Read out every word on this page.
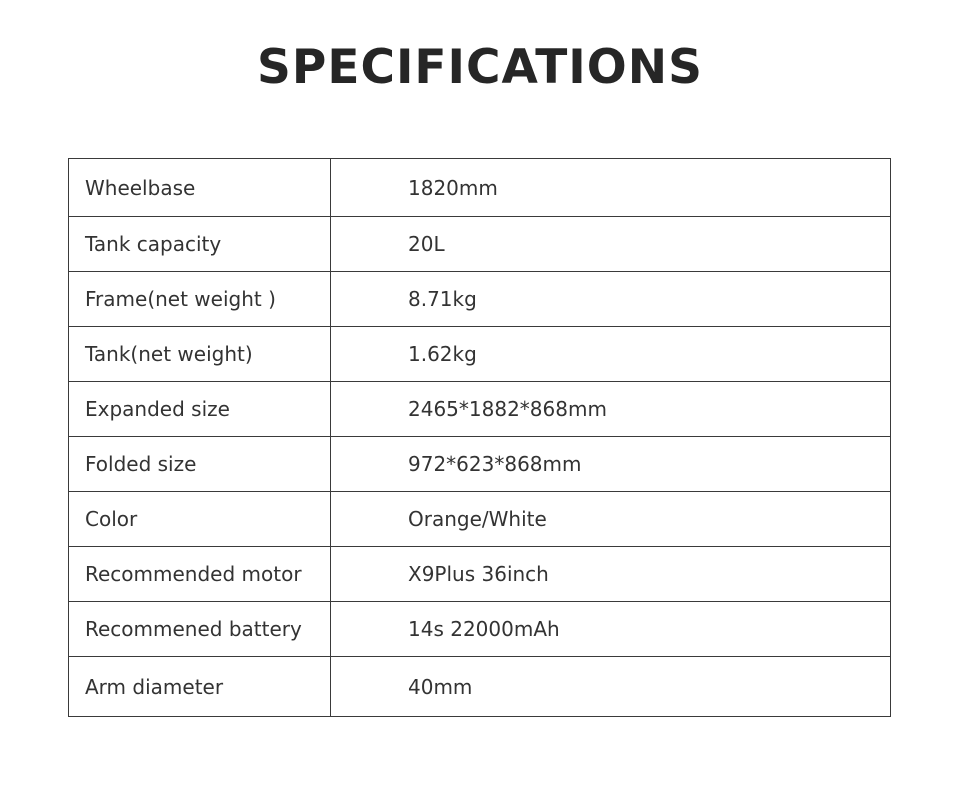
SPECIFICATIONS
Wheelbase	1820mm
Tank capacity	20L
Frame(net weight )	8.71kg
Tank(net weight)	1.62kg
Expanded size	2465*1882*868mm
Folded size	972*623*868mm
Color	Orange/White
Recommended motor	X9Plus 36inch
Recommened battery	14s 22000mAh
Arm diameter	40mm
